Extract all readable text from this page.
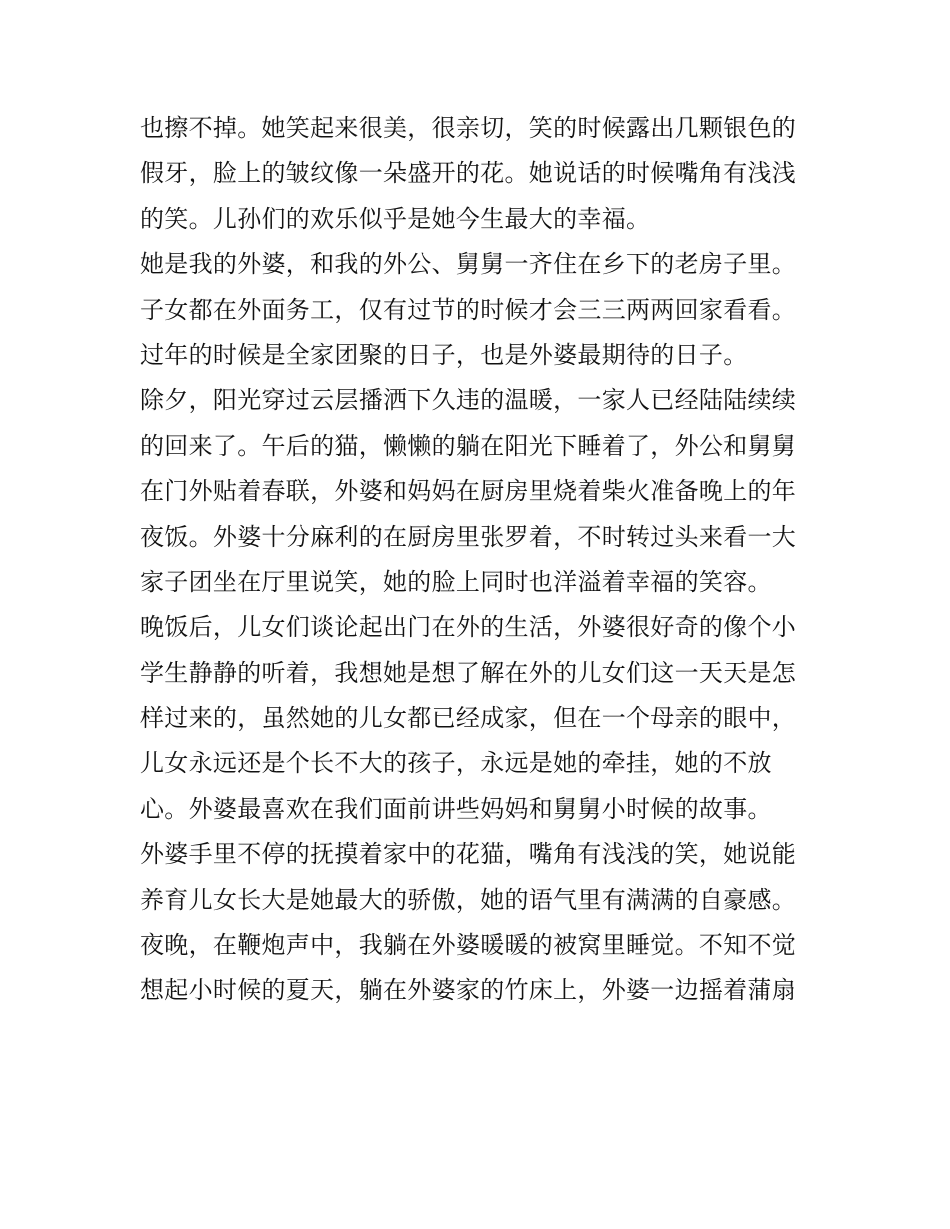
也擦不掉。她笑起来很美，很亲切，笑的时候露出几颗银色的
假牙，脸上的皱纹像一朵盛开的花。她说话的时候嘴角有浅浅
的笑。儿孙们的欢乐似乎是她今生最大的幸福。
她是我的外婆，和我的外公、舅舅一齐住在乡下的老房子里。
子女都在外面务工，仅有过节的时候才会三三两两回家看看。
过年的时候是全家团聚的日子，也是外婆最期待的日子。
除夕，阳光穿过云层播洒下久违的温暖，一家人已经陆陆续续
的回来了。午后的猫，懒懒的躺在阳光下睡着了，外公和舅舅
在门外贴着春联，外婆和妈妈在厨房里烧着柴火准备晚上的年
夜饭。外婆十分麻利的在厨房里张罗着，不时转过头来看一大
家子团坐在厅里说笑，她的脸上同时也洋溢着幸福的笑容。
晚饭后，儿女们谈论起出门在外的生活，外婆很好奇的像个小
学生静静的听着，我想她是想了解在外的儿女们这一天天是怎
样过来的，虽然她的儿女都已经成家，但在一个母亲的眼中，
儿女永远还是个长不大的孩子，永远是她的牵挂，她的不放
心。外婆最喜欢在我们面前讲些妈妈和舅舅小时候的故事。
外婆手里不停的抚摸着家中的花猫，嘴角有浅浅的笑，她说能
养育儿女长大是她最大的骄傲，她的语气里有满满的自豪感。
夜晚，在鞭炮声中，我躺在外婆暖暖的被窝里睡觉。不知不觉
想起小时候的夏天，躺在外婆家的竹床上，外婆一边摇着蒲扇
